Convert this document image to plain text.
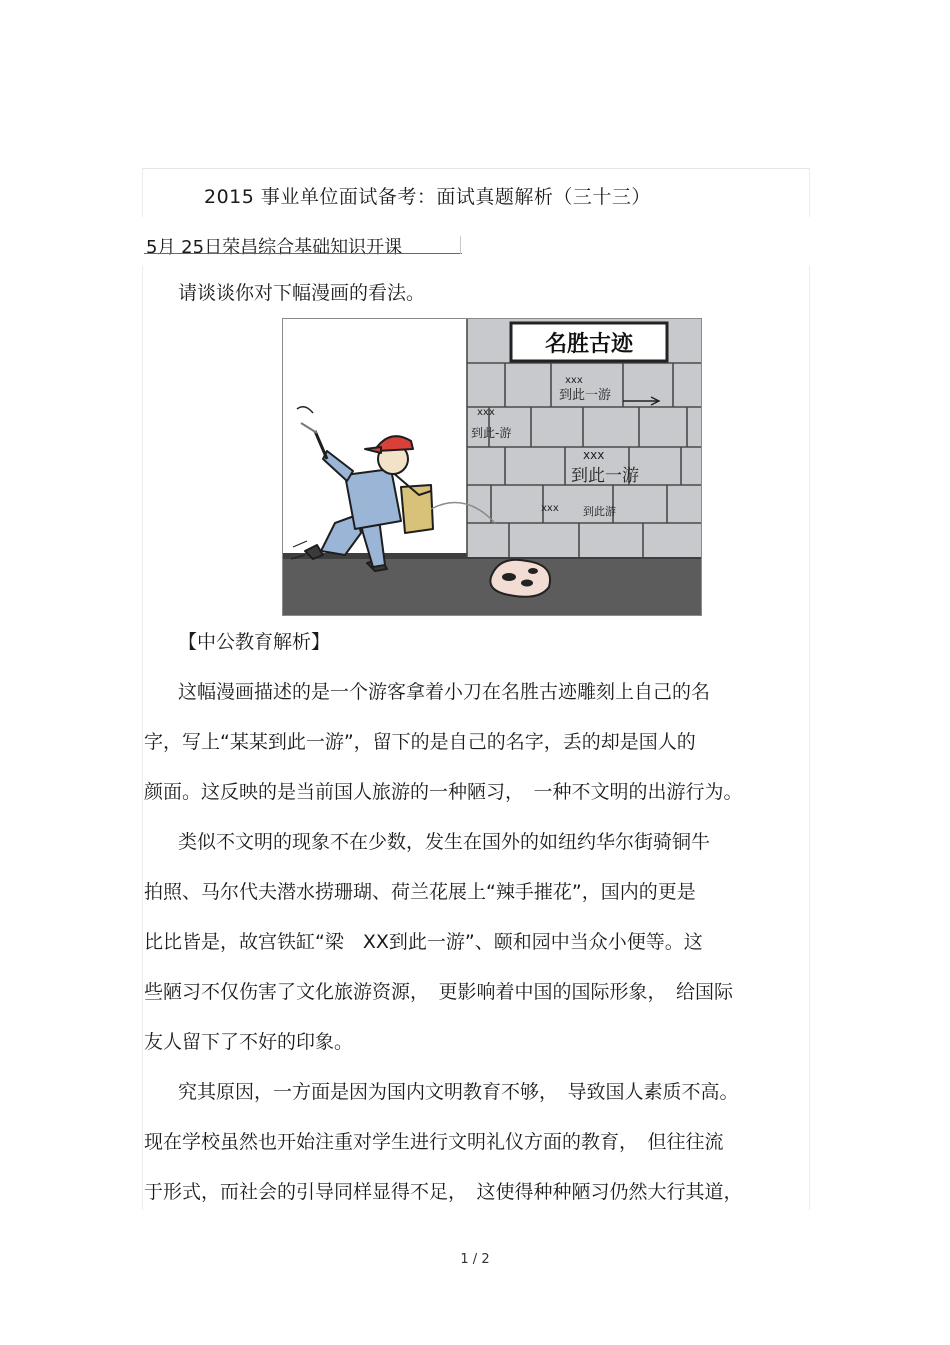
2015 事业单位面试备考：面试真题解析（三十三）
5月 25日荣昌综合基础知识开课
请谈谈你对下幅漫画的看法。
名胜古迹
xxx
到此一游
xxx
到此-游
xxx
到此一游
xxx 到此游
【中公教育解析】
这幅漫画描述的是一个游客拿着小刀在名胜古迹雕刻上自己的名
字，写上“某某到此一游”，留下的是自己的名字，丢的却是国人的
颜面。这反映的是当前国人旅游的一种陋习，　一种不文明的出游行为。
类似不文明的现象不在少数，发生在国外的如纽约华尔街骑铜牛
拍照、马尔代夫潜水捞珊瑚、荷兰花展上“辣手摧花”，国内的更是
比比皆是，故宫铁缸“梁　XX到此一游”、颐和园中当众小便等。这
些陋习不仅伤害了文化旅游资源，　更影响着中国的国际形象，　给国际
友人留下了不好的印象。
究其原因，一方面是因为国内文明教育不够，　导致国人素质不高。
现在学校虽然也开始注重对学生进行文明礼仪方面的教育，　但往往流
于形式，而社会的引导同样显得不足，　这使得种种陋习仍然大行其道，
1 / 2
